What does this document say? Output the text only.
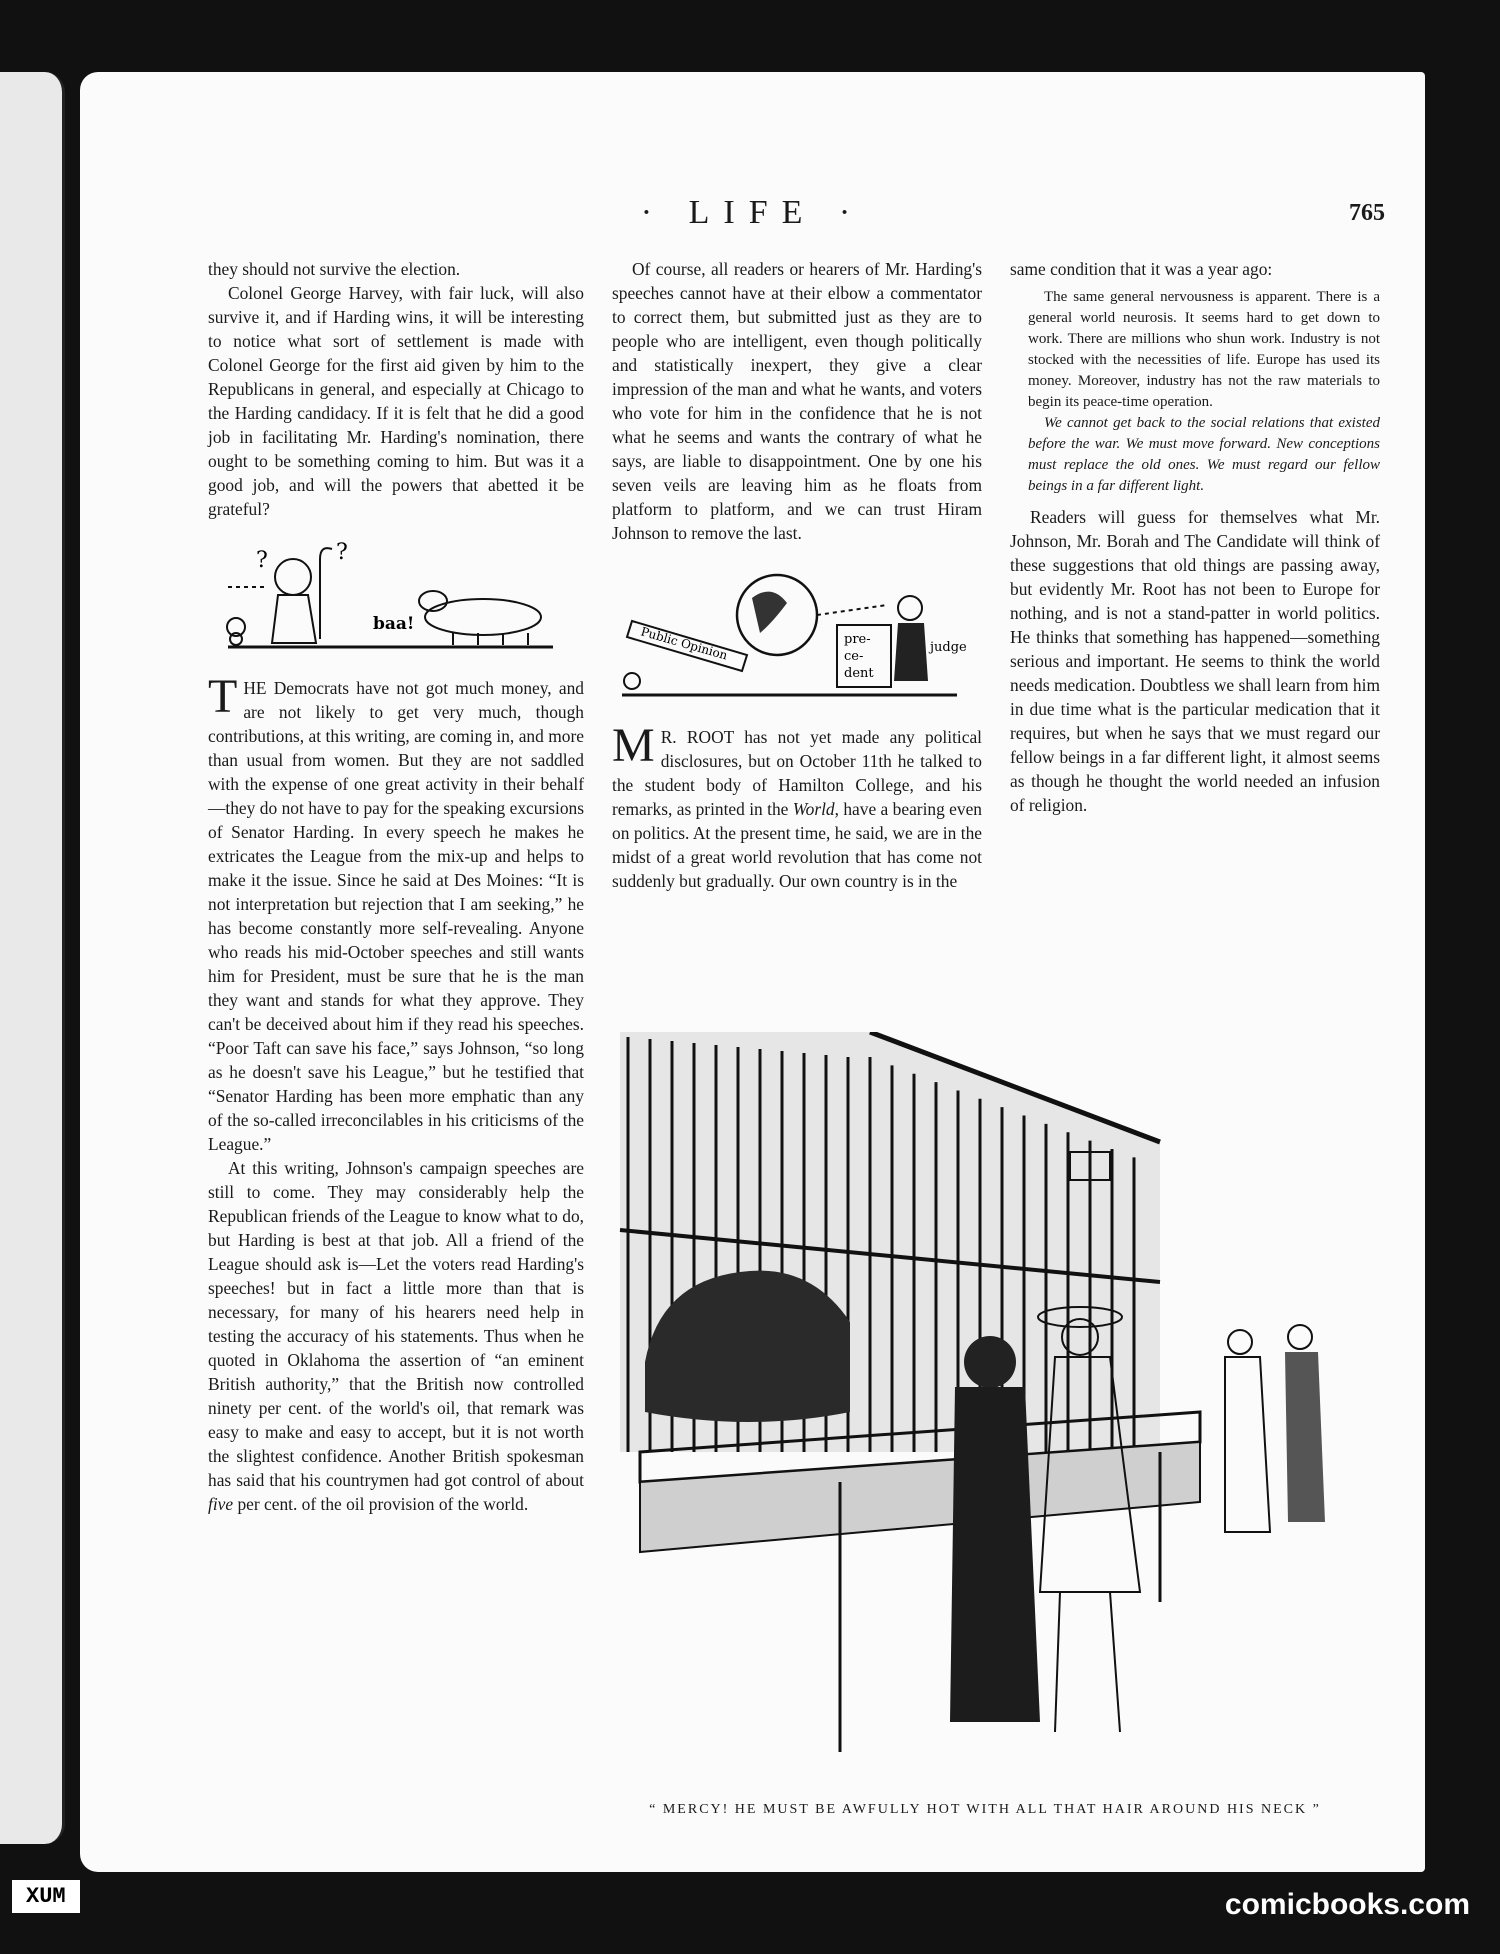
· LIFE ·	765

they should not survive the election.

Colonel George Harvey, with fair luck, will also survive it, and if Harding wins, it will be interesting to notice what sort of settlement is made with Colonel George for the first aid given by him to the Republicans in general, and especially at Chicago to the Harding candidacy. If it is felt that he did a good job in facilitating Mr. Harding's nomination, there ought to be something coming to him. But was it a good job, and will the powers that abetted it be grateful?

?	?
baa!

THE Democrats have not got much money, and are not likely to get very much, though contributions, at this writing, are coming in, and more than usual from women. But they are not saddled with the expense of one great activity in their behalf—they do not have to pay for the speaking excursions of Senator Harding. In every speech he makes he extricates the League from the mix-up and helps to make it the issue. Since he said at Des Moines: “It is not interpretation but rejection that I am seeking,” he has become constantly more self-revealing. Anyone who reads his mid-October speeches and still wants him for President, must be sure that he is the man they want and stands for what they approve. They can't be deceived about him if they read his speeches. “Poor Taft can save his face,” says Johnson, “so long as he doesn't save his League,” but he testified that “Senator Harding has been more emphatic than any of the so-called irreconcilables in his criticisms of the League.”

At this writing, Johnson's campaign speeches are still to come. They may considerably help the Republican friends of the League to know what to do, but Harding is best at that job. All a friend of the League should ask is—Let the voters read Harding's speeches! but in fact a little more than that is necessary, for many of his hearers need help in testing the accuracy of his statements. Thus when he quoted in Oklahoma the assertion of “an eminent British authority,” that the British now controlled ninety per cent. of the world's oil, that remark was easy to make and easy to accept, but it is not worth the slightest confidence. Another British spokesman has said that his countrymen had got control of about five per cent. of the oil provision of the world.

Of course, all readers or hearers of Mr. Harding's speeches cannot have at their elbow a commentator to correct them, but submitted just as they are to people who are intelligent, even though politically and statistically inexpert, they give a clear impression of the man and what he wants, and voters who vote for him in the confidence that he is not what he seems and wants the contrary of what he says, are liable to disappointment. One by one his seven veils are leaving him as he floats from platform to platform, and we can trust Hiram Johnson to remove the last.

Public Opinion	pre-
ce-
dent
judge

M R. ROOT has not yet made any political disclosures, but on October 11th he talked to the student body of Hamilton College, and his remarks, as printed in the World, have a bearing even on politics. At the present time, he said, we are in the midst of a great world revolution that has come not suddenly but gradually. Our own country is in the

same condition that it was a year ago:

The same general nervousness is apparent. There is a general world neurosis. It seems hard to get down to work. There are millions who shun work. Industry is not stocked with the necessities of life. Europe has used its money. Moreover, industry has not the raw materials to begin its peace-time operation.

We cannot get back to the social relations that existed before the war. We must move forward. New conceptions must replace the old ones. We must regard our fellow beings in a far different light.

Readers will guess for themselves what Mr. Johnson, Mr. Borah and The Candidate will think of these suggestions that old things are passing away, but evidently Mr. Root has not been to Europe for nothing, and is not a stand-patter in world politics. He thinks that something has happened—something serious and important. He seems to think the world needs medication. Doubtless we shall learn from him in due time what is the particular medication that it requires, but when he says that we must regard our fellow beings in a far different light, it almost seems as though he thought the world needed an infusion of religion.

“ MERCY! HE MUST BE AWFULLY HOT WITH ALL THAT HAIR AROUND HIS NECK ”
XUM	comicbooks.com
